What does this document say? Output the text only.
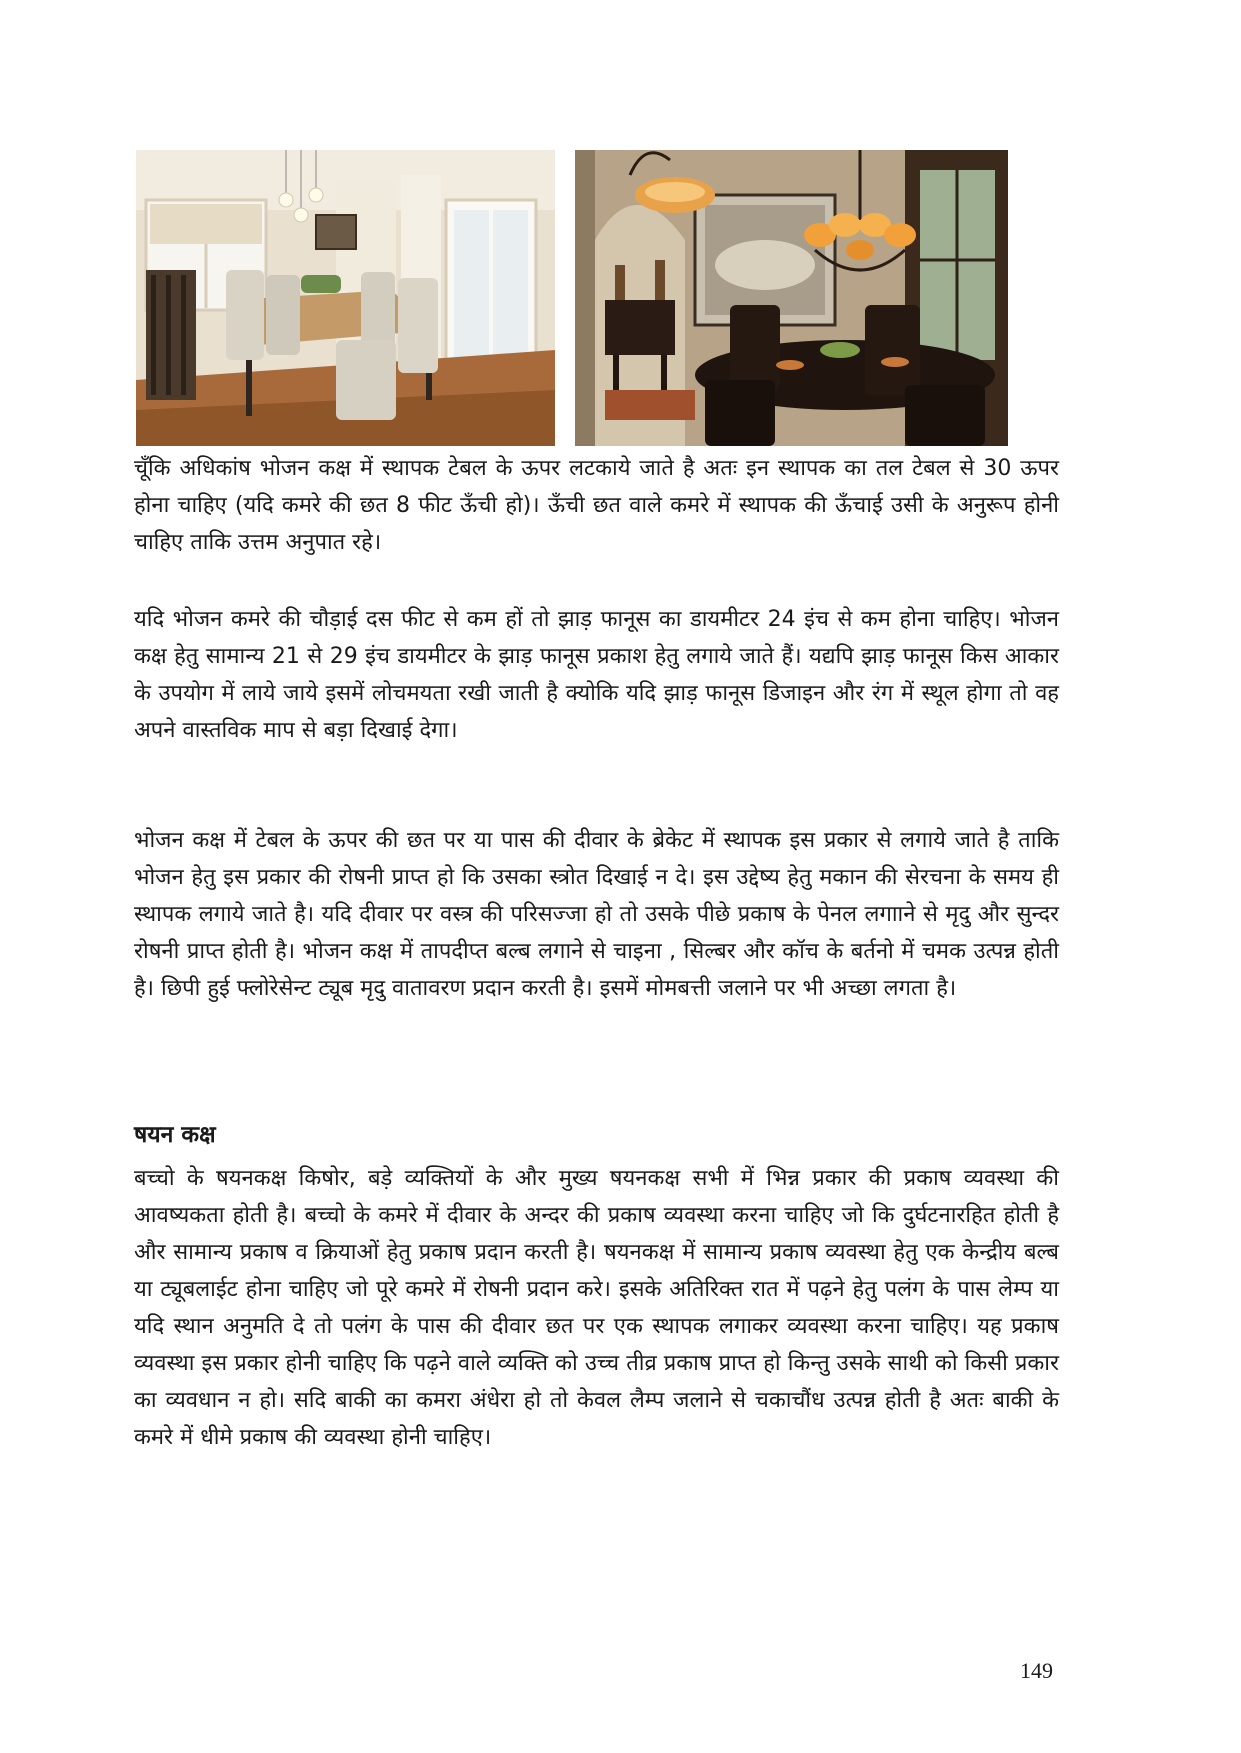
चूँकि अधिकांष भोजन कक्ष में स्थापक टेबल के ऊपर लटकाये जाते है अतः इन स्थापक का तल टेबल से 30 ऊपर होना चाहिए (यदि कमरे की छत 8 फीट ऊँची हो)। ऊँची छत वाले कमरे में स्थापक की ऊँचाई उसी के अनुरूप होनी चाहिए ताकि उत्तम अनुपात रहे।

यदि भोजन कमरे की चौड़ाई दस फीट से कम हों तो झाड़ फानूस का डायमीटर 24 इंच से कम होना चाहिए। भोजन कक्ष हेतु सामान्य 21 से 29 इंच डायमीटर के झाड़ फानूस प्रकाश हेतु लगाये जाते हैं। यद्यपि झाड़ फानूस किस आकार के उपयोग में लाये जाये इसमें लोचमयता रखी जाती है क्योकि यदि झाड़ फानूस डिजाइन और रंग में स्थूल होगा तो वह अपने वास्तविक माप से बड़ा दिखाई देगा।

भोजन कक्ष में टेबल के ऊपर की छत पर या पास की दीवार के ब्रेकेट में स्थापक इस प्रकार से लगाये जाते है ताकि भोजन हेतु इस प्रकार की रोषनी प्राप्त हो कि उसका स्त्रोत दिखाई न दे। इस उद्देष्य हेतु मकान की सेरचना के समय ही स्थापक लगाये जाते है। यदि दीवार पर वस्त्र की परिसज्जा हो तो उसके पीछे प्रकाष के पेनल लगााने से मृदु और सुन्दर रोषनी प्राप्त होती है। भोजन कक्ष में तापदीप्त बल्ब लगाने से चाइना , सिल्बर और कॉच के बर्तनो में चमक उत्पन्न होती है। छिपी हुई फ्लोरेसेन्ट ट्यूब मृदु वातावरण प्रदान करती है। इसमें मोमबत्ती जलाने पर भी अच्छा लगता है।

षयन कक्ष

बच्चो के षयनकक्ष किषोर, बड़े व्यक्तियों के और मुख्य षयनकक्ष सभी में भिन्न प्रकार की प्रकाष व्यवस्था की आवष्यकता होती है। बच्चो के कमरे में दीवार के अन्दर की प्रकाष व्यवस्था करना चाहिए जो कि दुर्घटनारहित होती है और सामान्य प्रकाष व क्रियाओं हेतु प्रकाष प्रदान करती है। षयनकक्ष में सामान्य प्रकाष व्यवस्था हेतु एक केन्द्रीय बल्ब या ट्यूबलाईट होना चाहिए जो पूरे कमरे में रोषनी प्रदान करे। इसके अतिरिक्त रात में पढ़ने हेतु पलंग के पास लेम्प या यदि स्थान अनुमति दे तो पलंग के पास की दीवार छत पर एक स्थापक लगाकर व्यवस्था करना चाहिए। यह प्रकाष व्यवस्था इस प्रकार होनी चाहिए कि पढ़ने वाले व्यक्ति को उच्च तीव्र प्रकाष प्राप्त हो किन्तु उसके साथी को किसी प्रकार का व्यवधान न हो। सदि बाकी का कमरा अंधेरा हो तो केवल लैम्प जलाने से चकाचौंध उत्पन्न होती है अतः बाकी के कमरे में धीमे प्रकाष की व्यवस्था होनी चाहिए।

149
